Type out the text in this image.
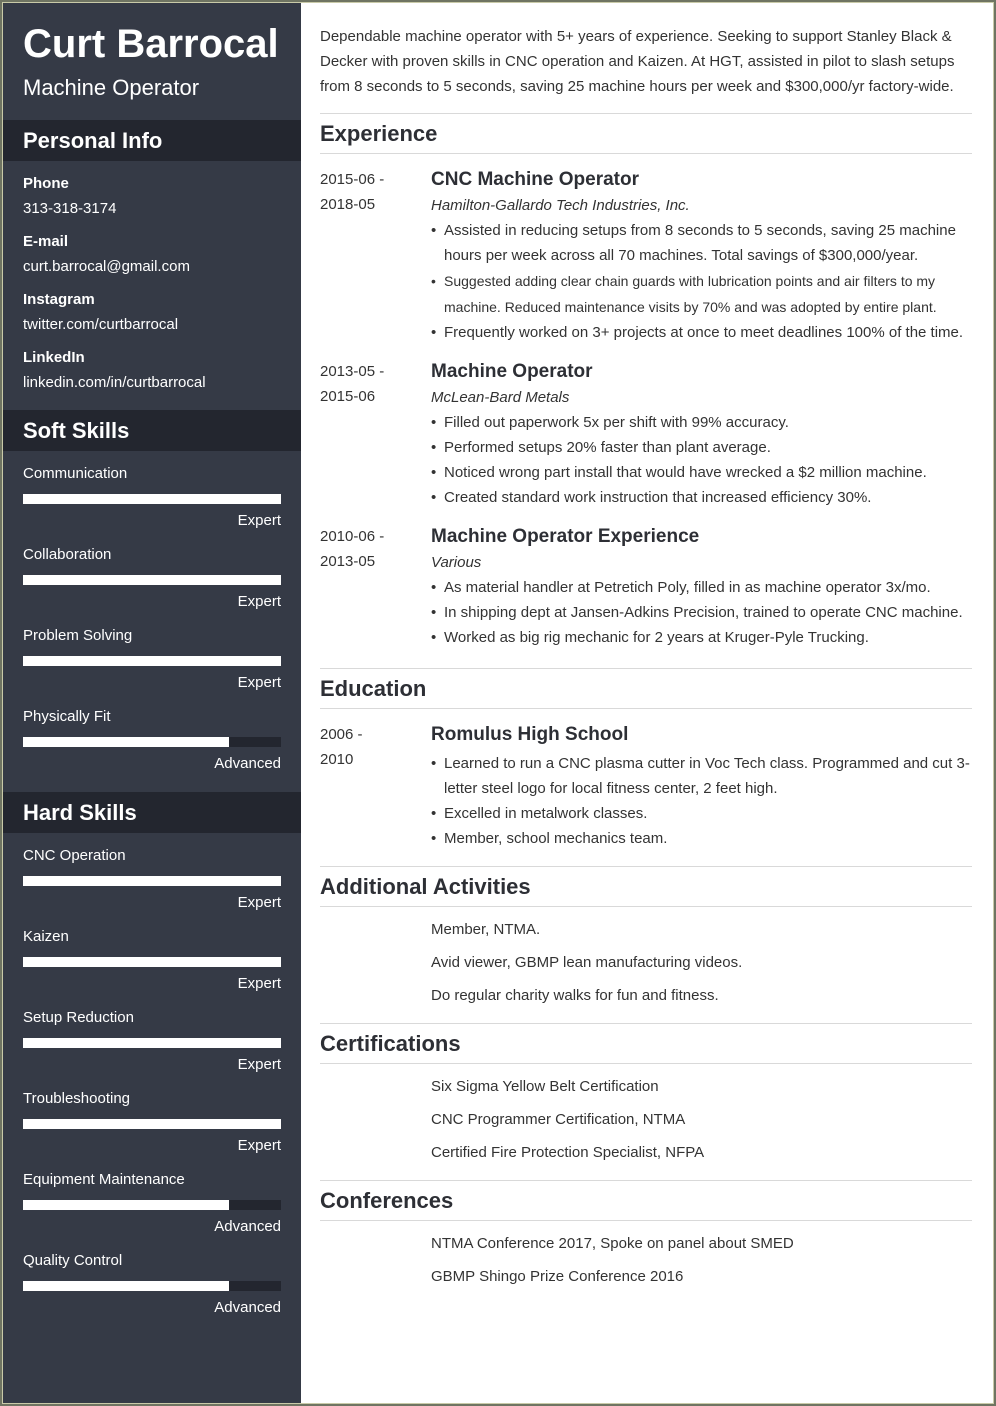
Curt Barrocal
Machine Operator
Personal Info
Phone
313-318-3174
E-mail
curt.barrocal@gmail.com
Instagram
twitter.com/curtbarrocal
LinkedIn
linkedin.com/in/curtbarrocal
Soft Skills
Communication
Expert
Collaboration
Expert
Problem Solving
Expert
Physically Fit
Advanced
Hard Skills
CNC Operation
Expert
Kaizen
Expert
Setup Reduction
Expert
Troubleshooting
Expert
Equipment Maintenance
Advanced
Quality Control
Advanced
Dependable machine operator with 5+ years of experience. Seeking to support Stanley Black & Decker with proven skills in CNC operation and Kaizen. At HGT, assisted in pilot to slash setups from 8 seconds to 5 seconds, saving 25 machine hours per week and $300,000/yr factory-wide.
Experience
2015-06 -
2018-05
CNC Machine Operator
Hamilton-Gallardo Tech Industries, Inc.
• Assisted in reducing setups from 8 seconds to 5 seconds, saving 25 machine hours per week across all 70 machines. Total savings of $300,000/year.
• Suggested adding clear chain guards with lubrication points and air filters to my machine. Reduced maintenance visits by 70% and was adopted by entire plant.
• Frequently worked on 3+ projects at once to meet deadlines 100% of the time.
2013-05 -
2015-06
Machine Operator
McLean-Bard Metals
• Filled out paperwork 5x per shift with 99% accuracy.
• Performed setups 20% faster than plant average.
• Noticed wrong part install that would have wrecked a $2 million machine.
• Created standard work instruction that increased efficiency 30%.
2010-06 -
2013-05
Machine Operator Experience
Various
• As material handler at Petretich Poly, filled in as machine operator 3x/mo.
• In shipping dept at Jansen-Adkins Precision, trained to operate CNC machine.
• Worked as big rig mechanic for 2 years at Kruger-Pyle Trucking.
Education
2006 -
2010
Romulus High School
• Learned to run a CNC plasma cutter in Voc Tech class. Programmed and cut 3-letter steel logo for local fitness center, 2 feet high.
• Excelled in metalwork classes.
• Member, school mechanics team.
Additional Activities
Member, NTMA.
Avid viewer, GBMP lean manufacturing videos.
Do regular charity walks for fun and fitness.
Certifications
Six Sigma Yellow Belt Certification
CNC Programmer Certification, NTMA
Certified Fire Protection Specialist, NFPA
Conferences
NTMA Conference 2017, Spoke on panel about SMED
GBMP Shingo Prize Conference 2016
